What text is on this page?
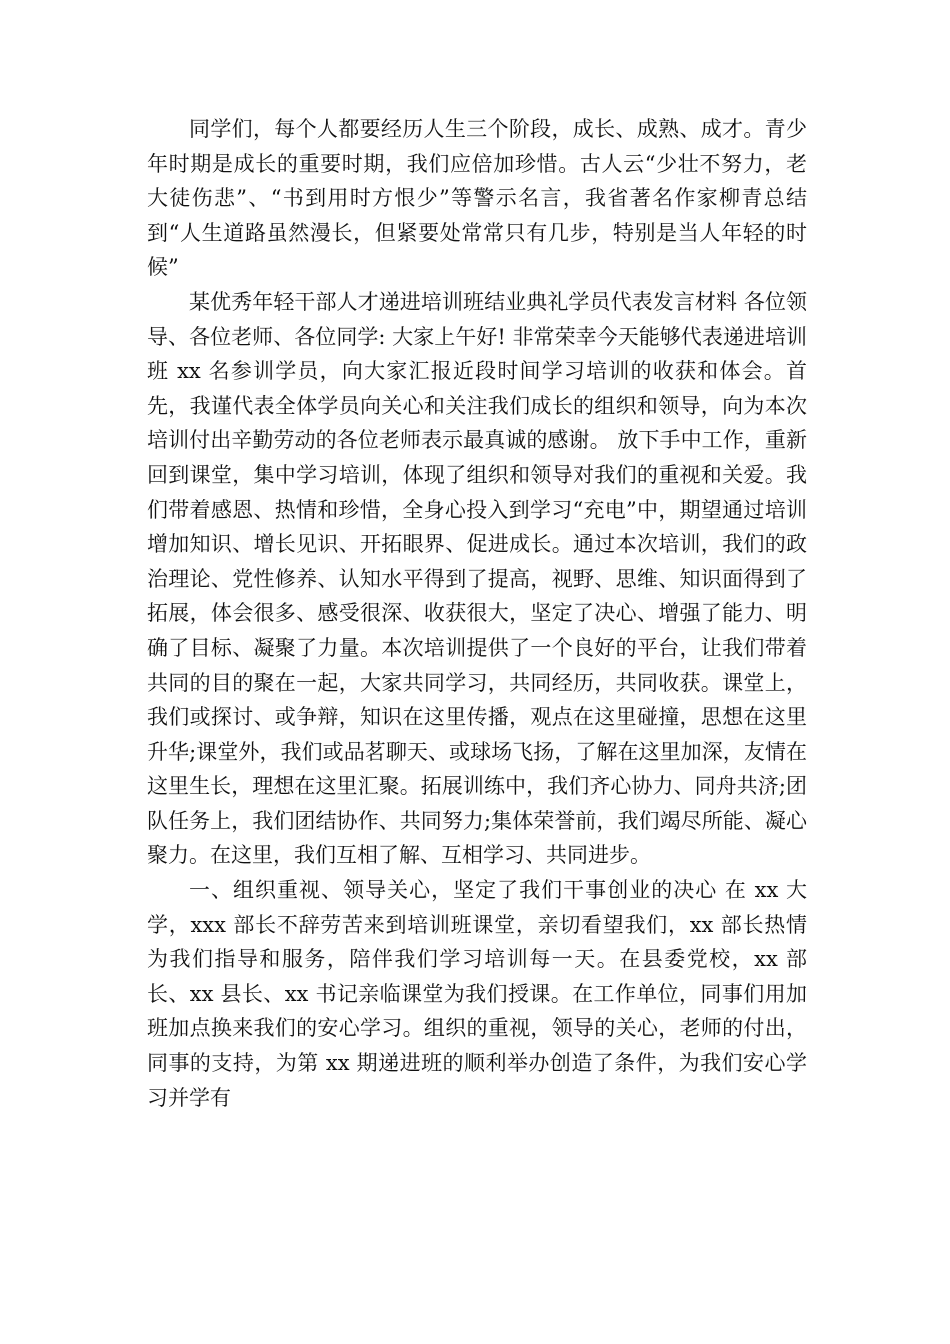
同学们，每个人都要经历人生三个阶段，成长、成熟、成才。青少年时期是成长的重要时期，我们应倍加珍惜。古人云“少壮不努力，老大徒伤悲”、“书到用时方恨少”等警示名言，我省著名作家柳青总结到“人生道路虽然漫长，但紧要处常常只有几步，特别是当人年轻的时候”

某优秀年轻干部人才递进培训班结业典礼学员代表发言材料 各位领导、各位老师、各位同学: 大家上午好! 非常荣幸今天能够代表递进培训班 xx 名参训学员，向大家汇报近段时间学习培训的收获和体会。首先，我谨代表全体学员向关心和关注我们成长的组织和领导，向为本次培训付出辛勤劳动的各位老师表示最真诚的感谢。 放下手中工作，重新回到课堂，集中学习培训，体现了组织和领导对我们的重视和关爱。我们带着感恩、热情和珍惜，全身心投入到学习“充电”中，期望通过培训增加知识、增长见识、开拓眼界、促进成长。通过本次培训，我们的政治理论、党性修养、认知水平得到了提高，视野、思维、知识面得到了拓展，体会很多、感受很深、收获很大，坚定了决心、增强了能力、明确了目标、凝聚了力量。本次培训提供了一个良好的平台，让我们带着共同的目的聚在一起，大家共同学习，共同经历，共同收获。课堂上，我们或探讨、或争辩，知识在这里传播，观点在这里碰撞，思想在这里升华;课堂外，我们或品茗聊天、或球场飞扬，了解在这里加深，友情在这里生长，理想在这里汇聚。拓展训练中，我们齐心协力、同舟共济;团队任务上，我们团结协作、共同努力;集体荣誉前，我们竭尽所能、凝心聚力。在这里，我们互相了解、互相学习、共同进步。

一、组织重视、领导关心，坚定了我们干事创业的决心 在 xx 大学，xxx 部长不辞劳苦来到培训班课堂，亲切看望我们，xx 部长热情为我们指导和服务，陪伴我们学习培训每一天。在县委党校，xx 部长、xx 县长、xx 书记亲临课堂为我们授课。在工作单位，同事们用加班加点换来我们的安心学习。组织的重视，领导的关心，老师的付出，同事的支持，为第 xx 期递进班的顺利举办创造了条件，为我们安心学习并学有
